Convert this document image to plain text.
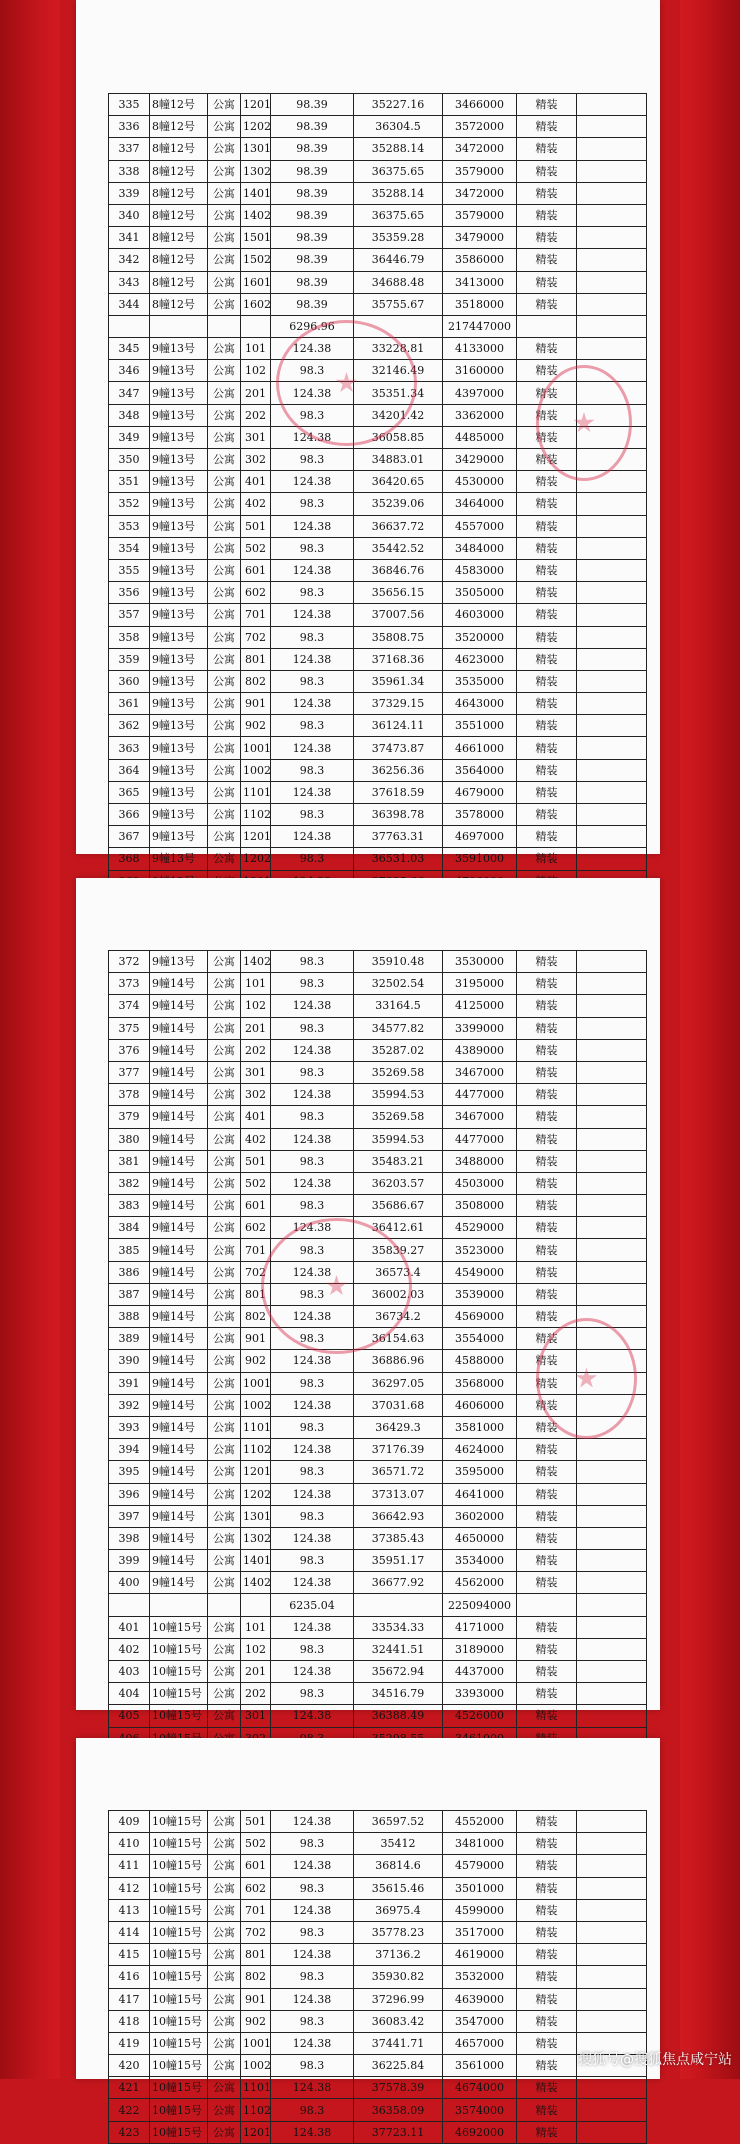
335	8幢12号	公寓	1201	98.39	35227.16	3466000	精装	
336	8幢12号	公寓	1202	98.39	36304.5	3572000	精装	
337	8幢12号	公寓	1301	98.39	35288.14	3472000	精装	
338	8幢12号	公寓	1302	98.39	36375.65	3579000	精装	
339	8幢12号	公寓	1401	98.39	35288.14	3472000	精装	
340	8幢12号	公寓	1402	98.39	36375.65	3579000	精装	
341	8幢12号	公寓	1501	98.39	35359.28	3479000	精装	
342	8幢12号	公寓	1502	98.39	36446.79	3586000	精装	
343	8幢12号	公寓	1601	98.39	34688.48	3413000	精装	
344	8幢12号	公寓	1602	98.39	35755.67	3518000	精装	
				6296.96		217447000		
345	9幢13号	公寓	101	124.38	33228.81	4133000	精装	
346	9幢13号	公寓	102	98.3	32146.49	3160000	精装	
347	9幢13号	公寓	201	124.38	35351.34	4397000	精装	
348	9幢13号	公寓	202	98.3	34201.42	3362000	精装	
349	9幢13号	公寓	301	124.38	36058.85	4485000	精装	
350	9幢13号	公寓	302	98.3	34883.01	3429000	精装	
351	9幢13号	公寓	401	124.38	36420.65	4530000	精装	
352	9幢13号	公寓	402	98.3	35239.06	3464000	精装	
353	9幢13号	公寓	501	124.38	36637.72	4557000	精装	
354	9幢13号	公寓	502	98.3	35442.52	3484000	精装	
355	9幢13号	公寓	601	124.38	36846.76	4583000	精装	
356	9幢13号	公寓	602	98.3	35656.15	3505000	精装	
357	9幢13号	公寓	701	124.38	37007.56	4603000	精装	
358	9幢13号	公寓	702	98.3	35808.75	3520000	精装	
359	9幢13号	公寓	801	124.38	37168.36	4623000	精装	
360	9幢13号	公寓	802	98.3	35961.34	3535000	精装	
361	9幢13号	公寓	901	124.38	37329.15	4643000	精装	
362	9幢13号	公寓	902	98.3	36124.11	3551000	精装	
363	9幢13号	公寓	1001	124.38	37473.87	4661000	精装	
364	9幢13号	公寓	1002	98.3	36256.36	3564000	精装	
365	9幢13号	公寓	1101	124.38	37618.59	4679000	精装	
366	9幢13号	公寓	1102	98.3	36398.78	3578000	精装	
367	9幢13号	公寓	1201	124.38	37763.31	4697000	精装	
368	9幢13号	公寓	1202	98.3	36531.03	3591000	精装	

372	9幢13号	公寓	1402	98.3	35910.48	3530000	精装	
373	9幢14号	公寓	101	98.3	32502.54	3195000	精装	
374	9幢14号	公寓	102	124.38	33164.5	4125000	精装	
375	9幢14号	公寓	201	98.3	34577.82	3399000	精装	
376	9幢14号	公寓	202	124.38	35287.02	4389000	精装	
377	9幢14号	公寓	301	98.3	35269.58	3467000	精装	
378	9幢14号	公寓	302	124.38	35994.53	4477000	精装	
379	9幢14号	公寓	401	98.3	35269.58	3467000	精装	
380	9幢14号	公寓	402	124.38	35994.53	4477000	精装	
381	9幢14号	公寓	501	98.3	35483.21	3488000	精装	
382	9幢14号	公寓	502	124.38	36203.57	4503000	精装	
383	9幢14号	公寓	601	98.3	35686.67	3508000	精装	
384	9幢14号	公寓	602	124.38	36412.61	4529000	精装	
385	9幢14号	公寓	701	98.3	35839.27	3523000	精装	
386	9幢14号	公寓	702	124.38	36573.4	4549000	精装	
387	9幢14号	公寓	801	98.3	36002.03	3539000	精装	
388	9幢14号	公寓	802	124.38	36734.2	4569000	精装	
389	9幢14号	公寓	901	98.3	36154.63	3554000	精装	
390	9幢14号	公寓	902	124.38	36886.96	4588000	精装	
391	9幢14号	公寓	1001	98.3	36297.05	3568000	精装	
392	9幢14号	公寓	1002	124.38	37031.68	4606000	精装	
393	9幢14号	公寓	1101	98.3	36429.3	3581000	精装	
394	9幢14号	公寓	1102	124.38	37176.39	4624000	精装	
395	9幢14号	公寓	1201	98.3	36571.72	3595000	精装	
396	9幢14号	公寓	1202	124.38	37313.07	4641000	精装	
397	9幢14号	公寓	1301	98.3	36642.93	3602000	精装	
398	9幢14号	公寓	1302	124.38	37385.43	4650000	精装	
399	9幢14号	公寓	1401	98.3	35951.17	3534000	精装	
400	9幢14号	公寓	1402	124.38	36677.92	4562000	精装	
				6235.04		225094000		
401	10幢15号	公寓	101	124.38	33534.33	4171000	精装	
402	10幢15号	公寓	102	98.3	32441.51	3189000	精装	
403	10幢15号	公寓	201	124.38	35672.94	4437000	精装	
404	10幢15号	公寓	202	98.3	34516.79	3393000	精装	
405	10幢15号	公寓	301	124.38	36388.49	4526000	精装	

409	10幢15号	公寓	501	124.38	36597.52	4552000	精装	
410	10幢15号	公寓	502	98.3	35412	3481000	精装	
411	10幢15号	公寓	601	124.38	36814.6	4579000	精装	
412	10幢15号	公寓	602	98.3	35615.46	3501000	精装	
413	10幢15号	公寓	701	124.38	36975.4	4599000	精装	
414	10幢15号	公寓	702	98.3	35778.23	3517000	精装	
415	10幢15号	公寓	801	124.38	37136.2	4619000	精装	
416	10幢15号	公寓	802	98.3	35930.82	3532000	精装	
417	10幢15号	公寓	901	124.38	37296.99	4639000	精装	
418	10幢15号	公寓	902	98.3	36083.42	3547000	精装	
419	10幢15号	公寓	1001	124.38	37441.71	4657000	精装	
420	10幢15号	公寓	1002	98.3	36225.84	3561000	精装	
421	10幢15号	公寓	1101	124.38	37578.39	4674000	精装	
422	10幢15号	公寓	1102	98.3	36358.09	3574000	精装	
423	10幢15号	公寓	1201	124.38	37723.11	4692000	精装	
搜狐号@搜狐焦点咸宁站
